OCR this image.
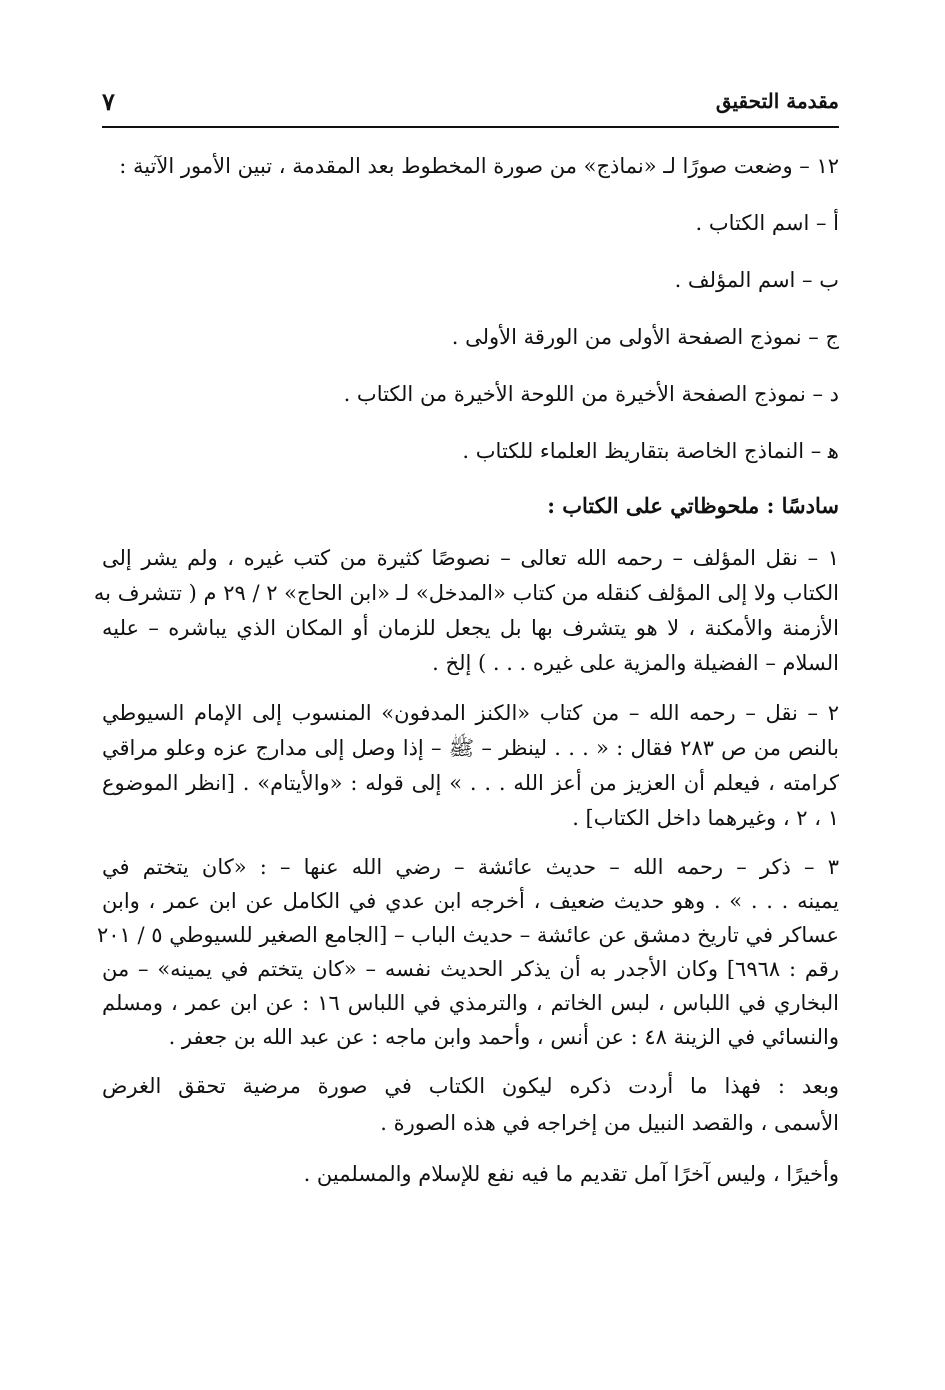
مقدمة التحقيق
٧
١٢ – وضعت صورًا لـ «نماذج» من صورة المخطوط بعد المقدمة ، تبين الأمور الآتية :
أ – اسم الكتاب .
ب – اسم المؤلف .
ج – نموذج الصفحة الأولى من الورقة الأولى .
د – نموذج الصفحة الأخيرة من اللوحة الأخيرة من الكتاب .
ﻫ – النماذج الخاصة بتقاريظ العلماء للكتاب .
سادسًا : ملحوظاتي على الكتاب :
١ – نقل المؤلف – رحمه الله تعالى – نصوصًا كثيرة من كتب غيره ، ولم يشر إلى
الكتاب ولا إلى المؤلف كنقله من كتاب «المدخل» لـ «ابن الحاج» ٢ / ٢٩ م ( تتشرف به
الأزمنة والأمكنة ، لا هو يتشرف بها بل يجعل للزمان أو المكان الذي يباشره – عليه
السلام – الفضيلة والمزية على غيره . . . ) إلخ .
٢ – نقل – رحمه الله – من كتاب «الكنز المدفون» المنسوب إلى الإمام السيوطي
بالنص من ص ٢٨٣ فقال : « . . . لينظر – ﷺ – إذا وصل إلى مدارج عزه وعلو مراقي
كرامته ، فيعلم أن العزيز من أعز الله . . . » إلى قوله : «والأيتام» . [انظر الموضوع
١ ، ٢ ، وغيرهما داخل الكتاب] .
٣ – ذكر – رحمه الله – حديث عائشة – رضي الله عنها – : «كان يتختم في
يمينه . . . » . وهو حديث ضعيف ، أخرجه ابن عدي في الكامل عن ابن عمر ، وابن
عساكر في تاريخ دمشق عن عائشة – حديث الباب – [الجامع الصغير للسيوطي ٥ / ٢٠١
رقم : ٦٩٦٨] وكان الأجدر به أن يذكر الحديث نفسه – «كان يتختم في يمينه» – من
البخاري في اللباس ، لبس الخاتم ، والترمذي في اللباس ١٦ : عن ابن عمر ، ومسلم
والنسائي في الزينة ٤٨ : عن أنس ، وأحمد وابن ماجه : عن عبد الله بن جعفر .
وبعد : فهذا ما أردت ذكره ليكون الكتاب في صورة مرضية تحقق الغرض
الأسمى ، والقصد النبيل من إخراجه في هذه الصورة .
وأخيرًا ، وليس آخرًا آمل تقديم ما فيه نفع للإسلام والمسلمين .
